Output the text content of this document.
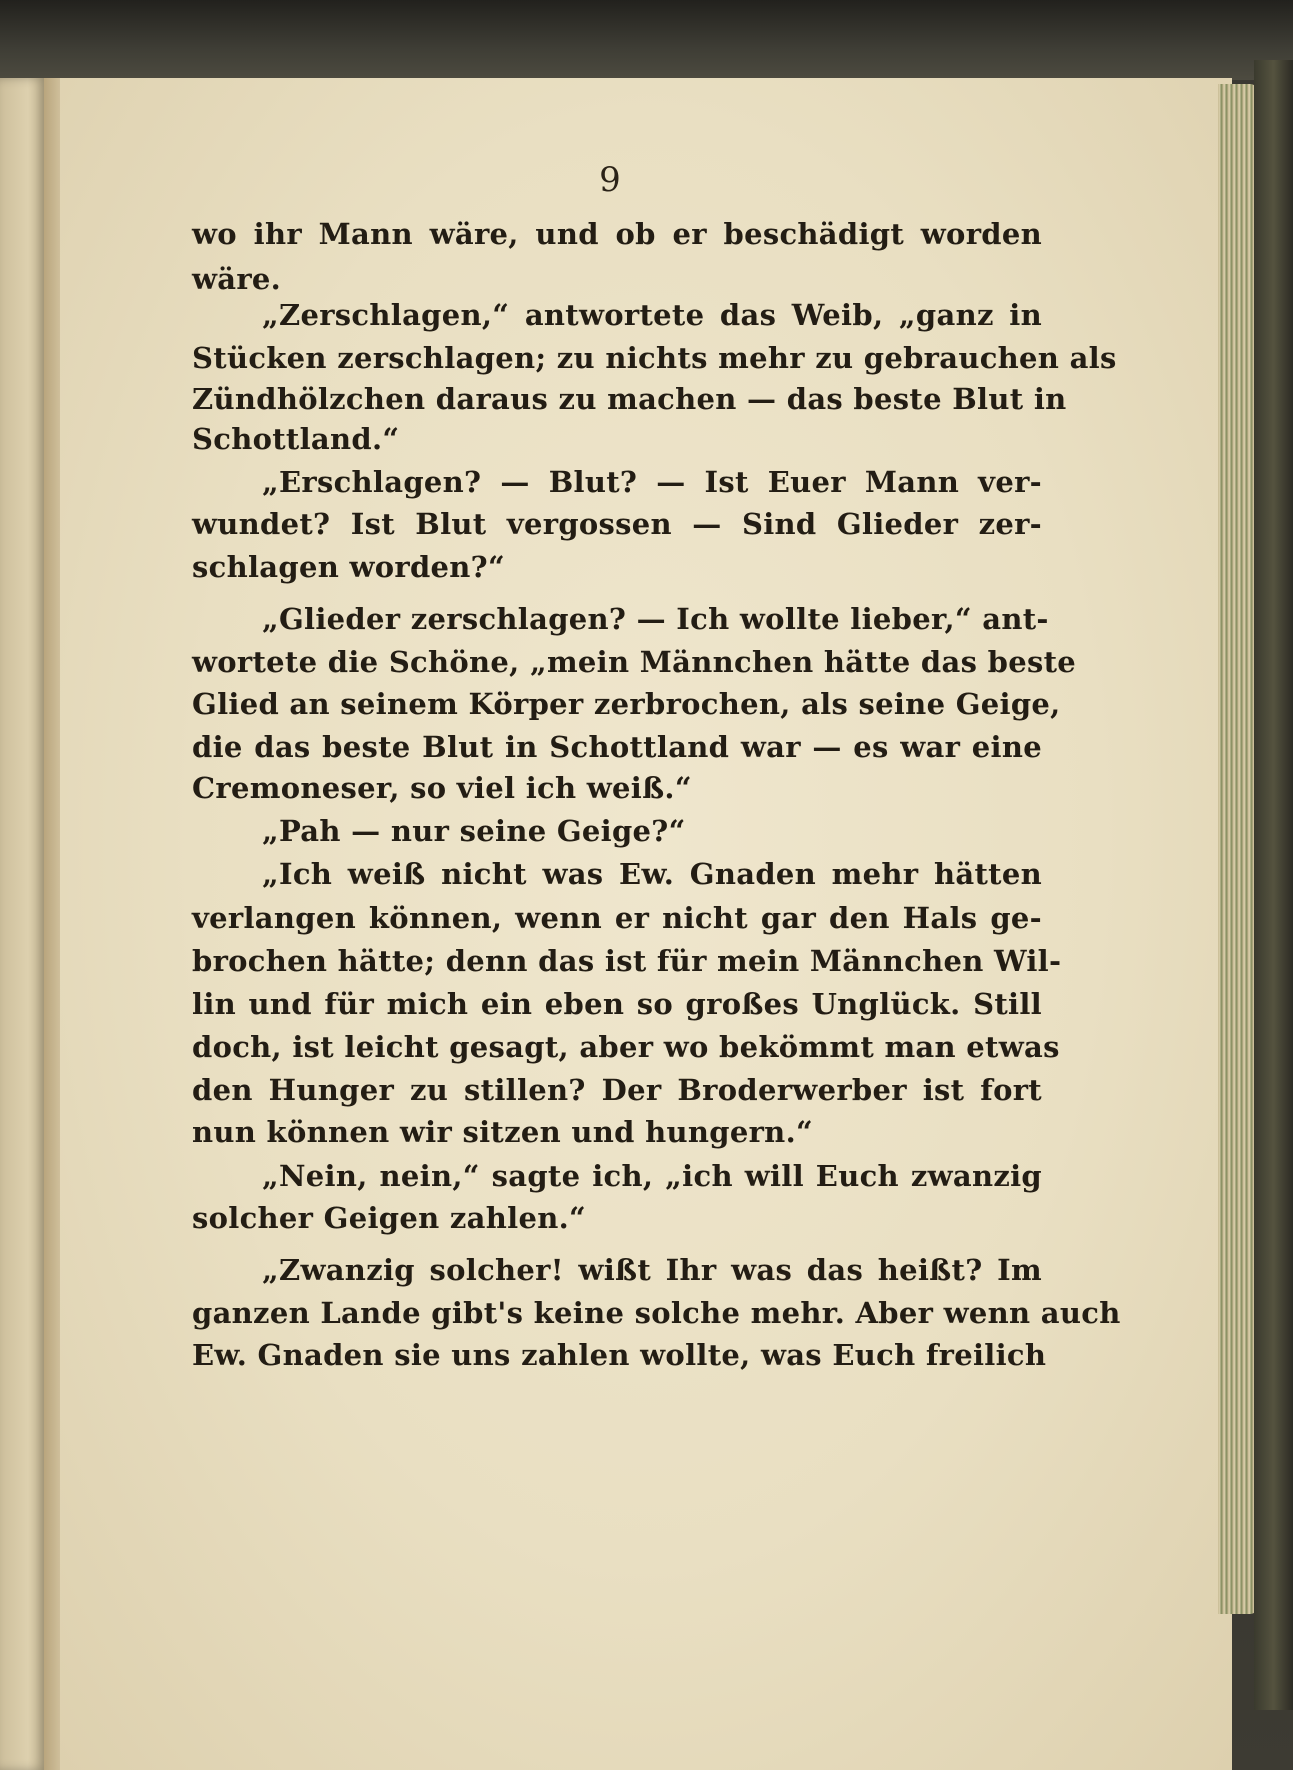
9
wo ihr Mann wäre, und ob er beschädigt worden
wäre.
„Zerschlagen,“ antwortete das Weib, „ganz in
Stücken zerschlagen; zu nichts mehr zu gebrauchen als
Zündhölzchen daraus zu machen — das beste Blut in
Schottland.“
„Erschlagen? — Blut? — Ist Euer Mann ver-
wundet? Ist Blut vergossen — Sind Glieder zer-
schlagen worden?“
„Glieder zerschlagen? — Ich wollte lieber,“ ant-
wortete die Schöne, „mein Männchen hätte das beste
Glied an seinem Körper zerbrochen, als seine Geige,
die das beste Blut in Schottland war — es war eine
Cremoneser, so viel ich weiß.“
„Pah — nur seine Geige?“
„Ich weiß nicht was Ew. Gnaden mehr hätten
verlangen können, wenn er nicht gar den Hals ge-
brochen hätte; denn das ist für mein Männchen Wil-
lin und für mich ein eben so großes Unglück. Still
doch, ist leicht gesagt, aber wo bekömmt man etwas
den Hunger zu stillen? Der Broderwerber ist fort
nun können wir sitzen und hungern.“
„Nein, nein,“ sagte ich, „ich will Euch zwanzig
solcher Geigen zahlen.“
„Zwanzig solcher! wißt Ihr was das heißt? Im
ganzen Lande gibt's keine solche mehr. Aber wenn auch
Ew. Gnaden sie uns zahlen wollte, was Euch freilich
